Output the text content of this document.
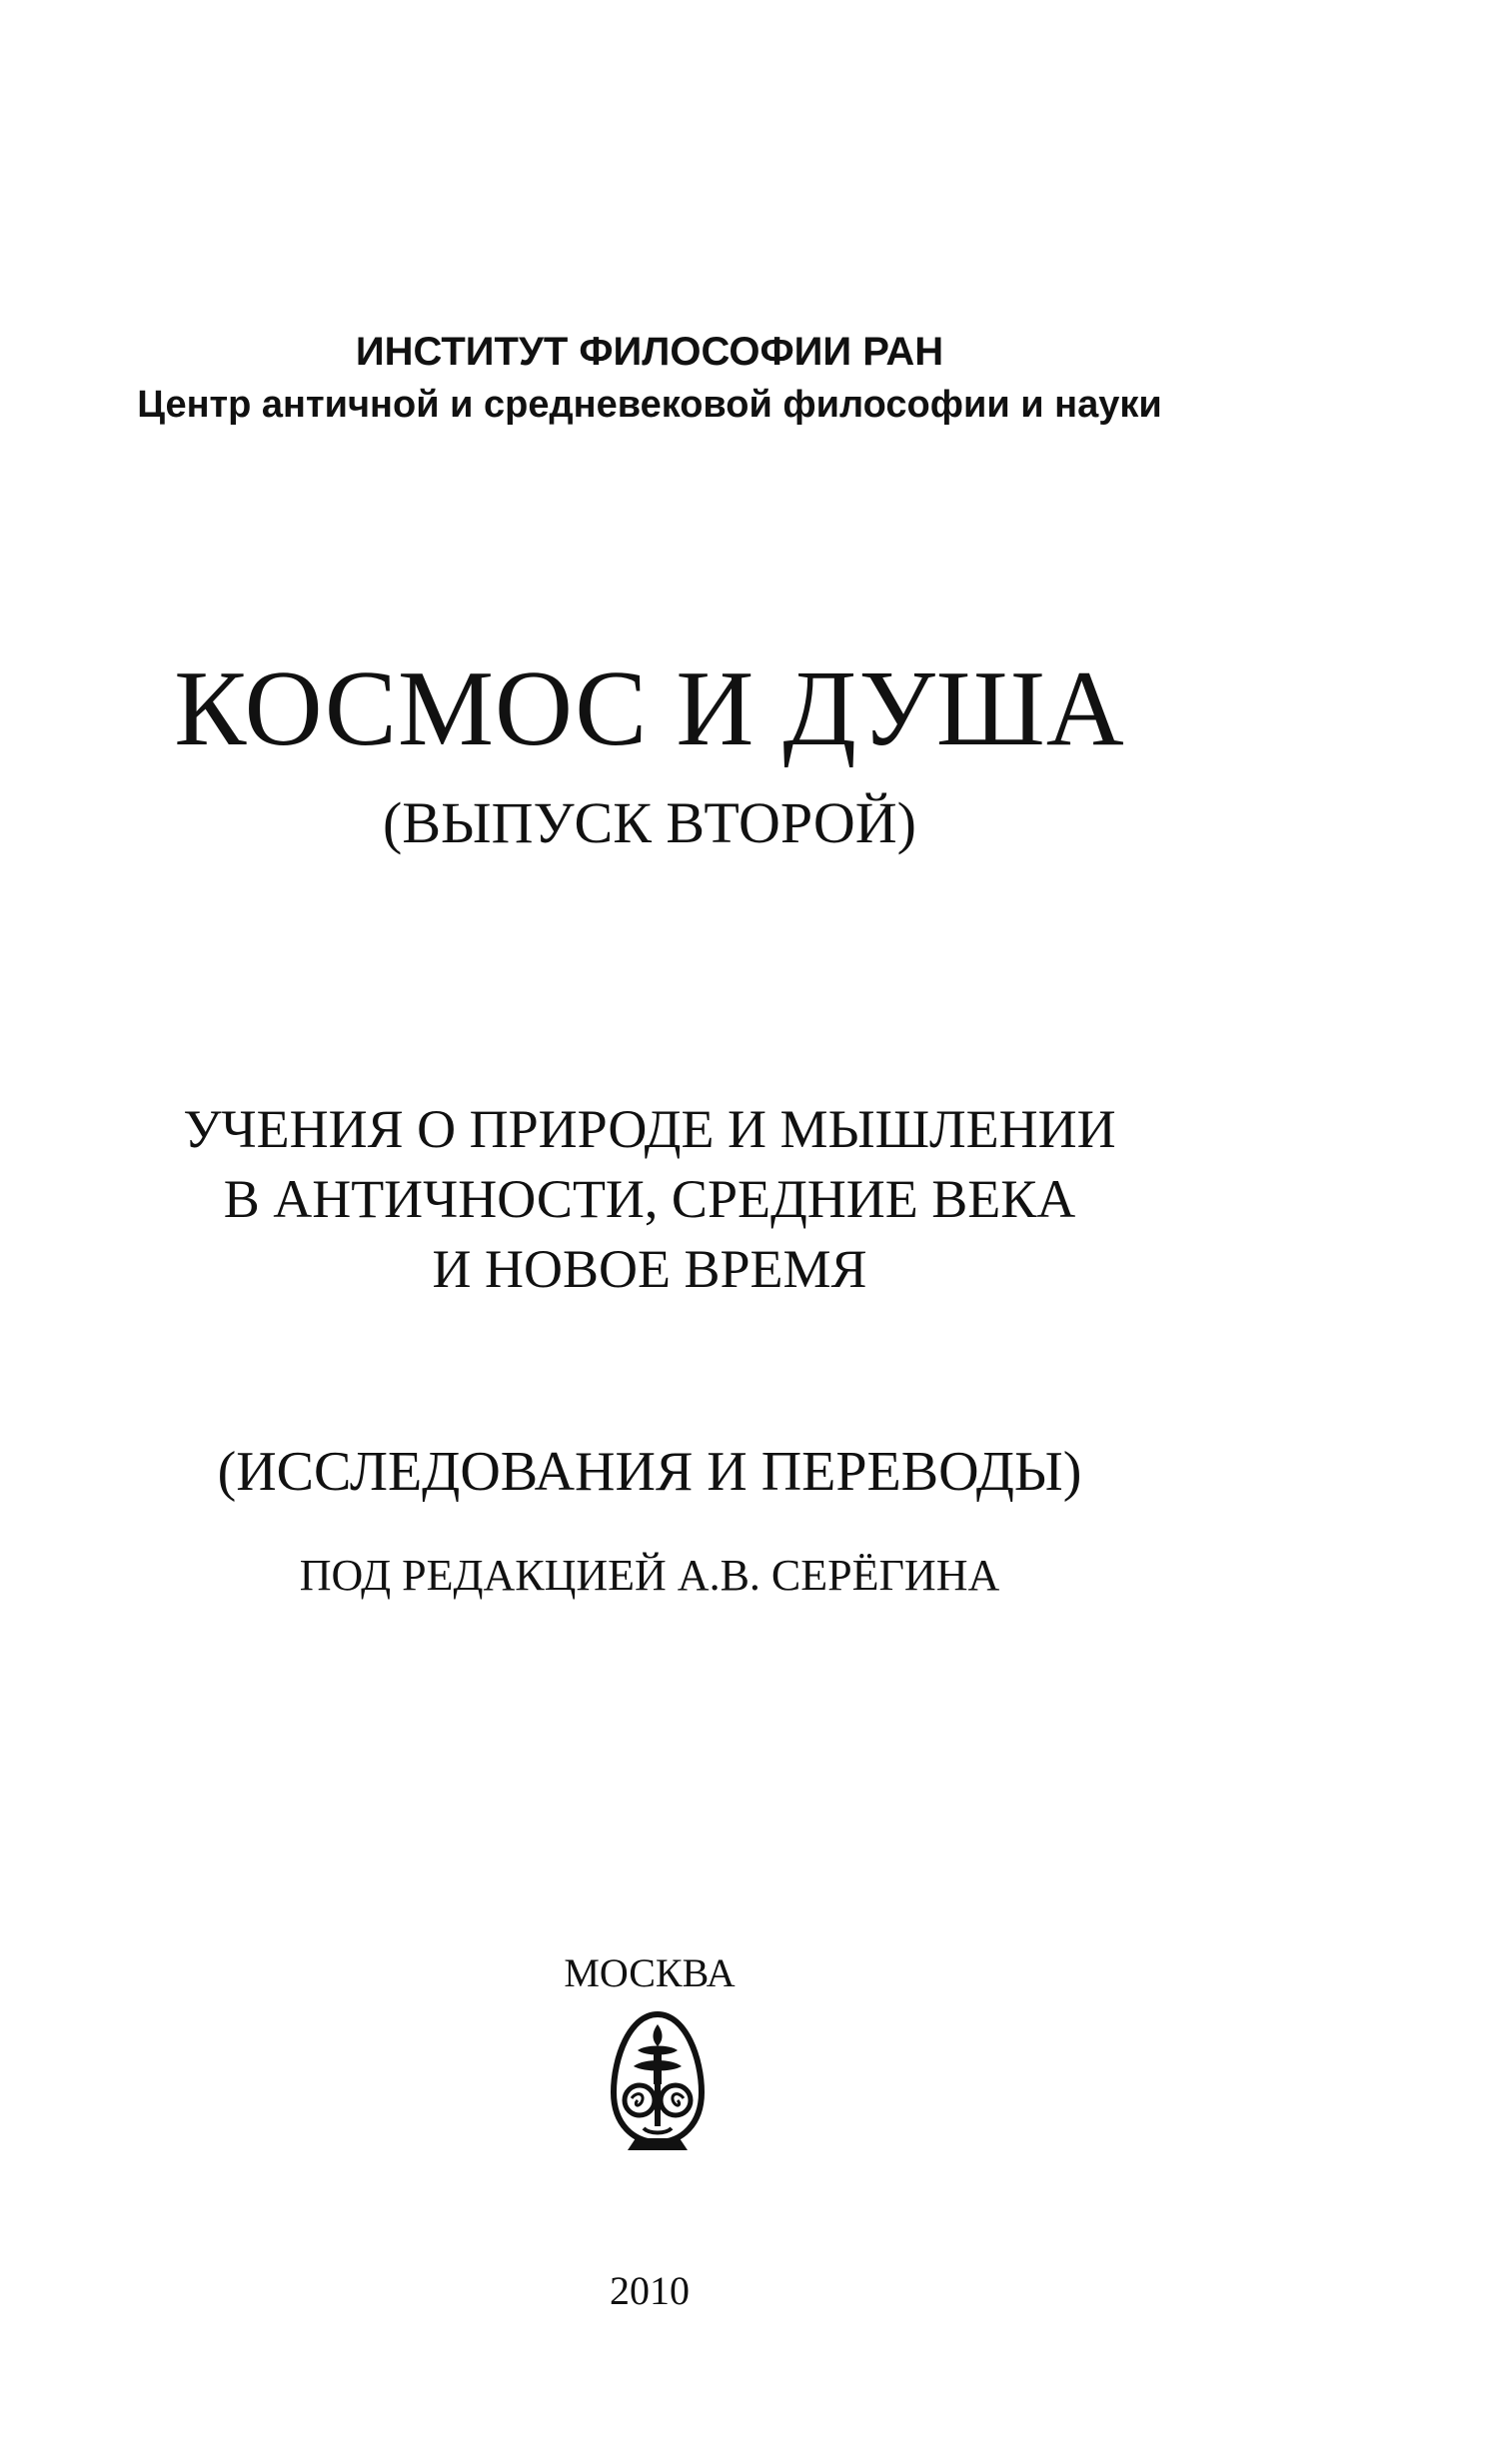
ИНСТИТУТ ФИЛОСОФИИ РАН
Центр античной и средневековой философии и науки
КОСМОС И ДУША
(ВЫПУСК ВТОРОЙ)
УЧЕНИЯ О ПРИРОДЕ И МЫШЛЕНИИ
В АНТИЧНОСТИ, СРЕДНИЕ ВЕКА
И НОВОЕ ВРЕМЯ
(ИССЛЕДОВАНИЯ И ПЕРЕВОДЫ)
ПОД РЕДАКЦИЕЙ А.В. СЕРЁГИНА
МОСКВА
2010
